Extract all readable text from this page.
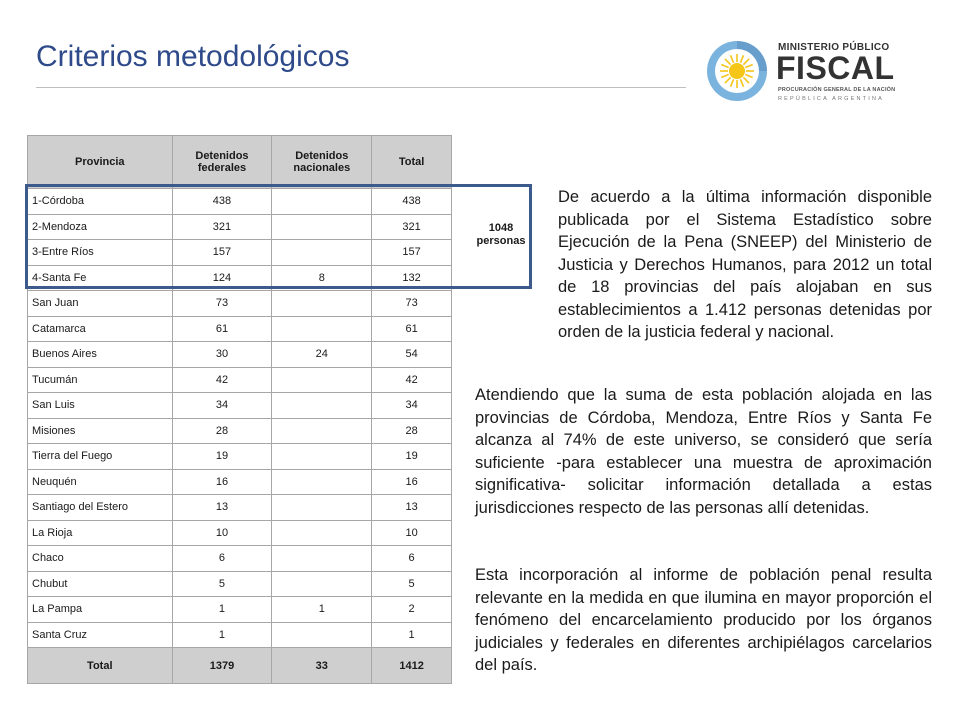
Criterios metodológicos	MINISTERIO PÚBLICO
FISCAL
PROCURACIÓN GENERAL DE LA NACIÓN
REPÚBLICA ARGENTINA
Provincia	Detenidos federales	Detenidos nacionales	Total
1-Córdoba	438		438
2-Mendoza	321		321
3-Entre Ríos	157		157
4-Santa Fe	124	8	132
San Juan	73		73
Catamarca	61		61
Buenos Aires	30	24	54
Tucumán	42		42
San Luis	34		34
Misiones	28		28
Tierra del Fuego	19		19
Neuquén	16		16
Santiago del Estero	13		13
La Rioja	10		10
Chaco	6		6
Chubut	5		5
La Pampa	1	1	2
Santa Cruz	1		1
Total	1379	33	1412
1048
personas

De acuerdo a la última información disponible publicada por el Sistema Estadístico sobre Ejecución de la Pena (SNEEP) del Ministerio de Justicia y Derechos Humanos, para 2012 un total de 18 provincias del país alojaban en sus establecimientos a 1.412 personas detenidas por orden de la justicia federal y nacional.

Atendiendo que la suma de esta población alojada en las provincias de Córdoba, Mendoza, Entre Ríos y Santa Fe alcanza al 74% de este universo, se consideró que sería suficiente -para establecer una muestra de aproximación significativa- solicitar información detallada a estas jurisdicciones respecto de las personas allí detenidas.

Esta incorporación al informe de población penal resulta relevante en la medida en que ilumina en mayor proporción el fenómeno del encarcelamiento producido por los órganos judiciales y federales en diferentes archipiélagos carcelarios del país.
